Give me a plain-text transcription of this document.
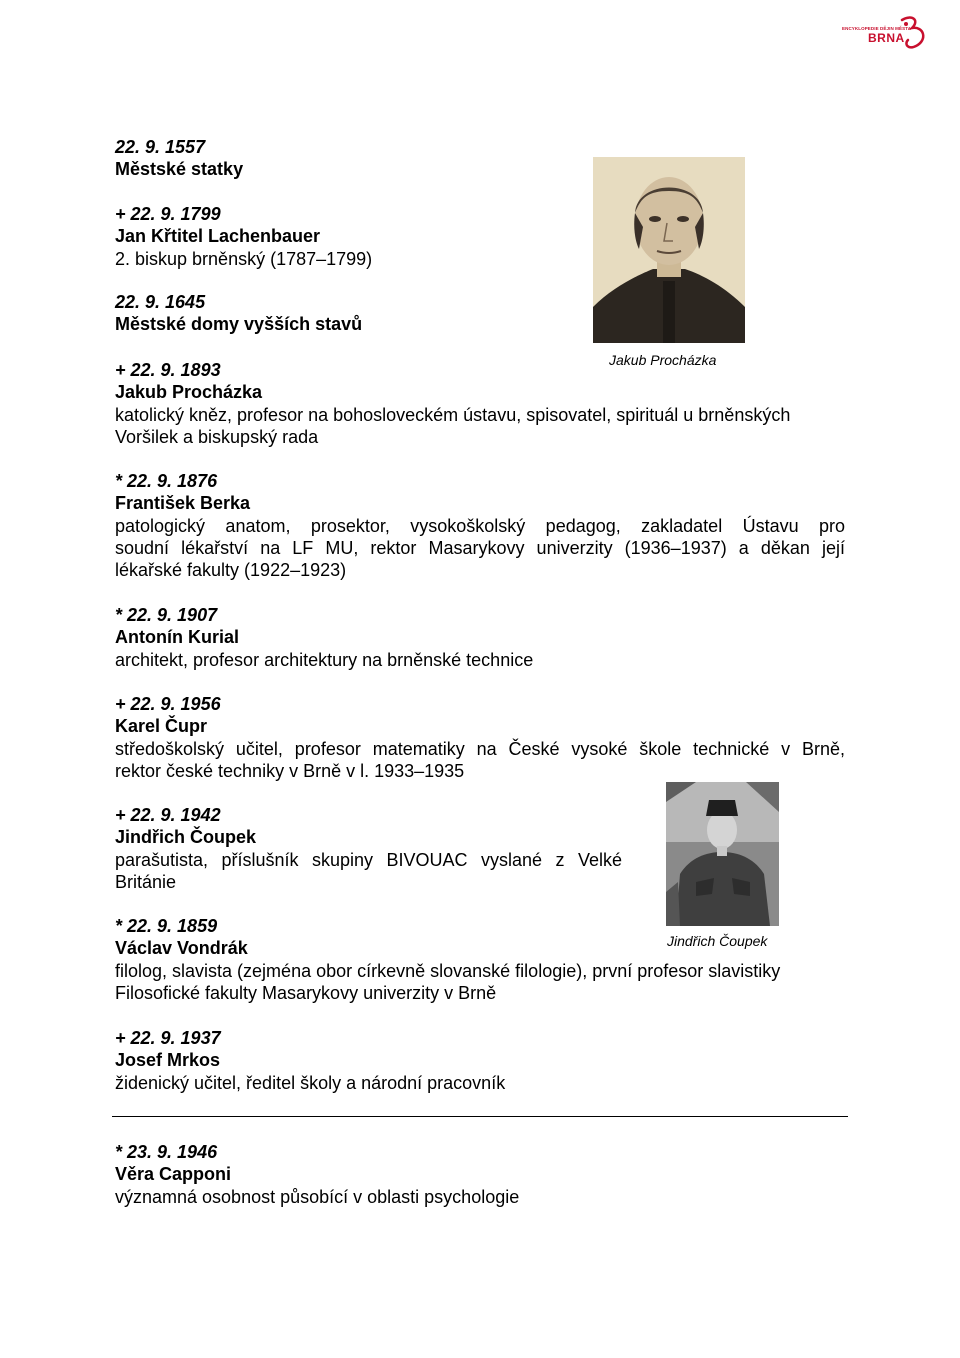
ENCYKLOPEDIE DĚJIN MĚSTA
BRNA
22. 9. 1557
Městské statky
+ 22. 9. 1799
Jan Křtitel Lachenbauer
2. biskup brněnský (1787–1799)
22. 9. 1645
Městské domy vyšších stavů
Jakub Procházka
+ 22. 9. 1893
Jakub Procházka
katolický kněz, profesor na bohosloveckém ústavu, spisovatel, spirituál u brněnských
Voršilek a biskupský rada
* 22. 9. 1876
František Berka
patologický anatom, prosektor, vysokoškolský pedagog, zakladatel Ústavu pro
soudní lékařství na LF MU, rektor Masarykovy univerzity (1936–1937) a děkan její
lékařské fakulty (1922–1923)
* 22. 9. 1907
Antonín Kurial
architekt, profesor architektury na brněnské technice
+ 22. 9. 1956
Karel Čupr
středoškolský učitel, profesor matematiky na České vysoké škole technické v Brně,
rektor české techniky v Brně v l. 1933–1935
Jindřich Čoupek
+ 22. 9. 1942
Jindřich Čoupek
parašutista, příslušník skupiny BIVOUAC vyslané z Velké
Británie
* 22. 9. 1859
Václav Vondrák
filolog, slavista (zejména obor církevně slovanské filologie), první profesor slavistiky
Filosofické fakulty Masarykovy univerzity v Brně
+ 22. 9. 1937
Josef Mrkos
židenický učitel, ředitel školy a národní pracovník
* 23. 9. 1946
Věra Capponi
významná osobnost působící v oblasti psychologie
